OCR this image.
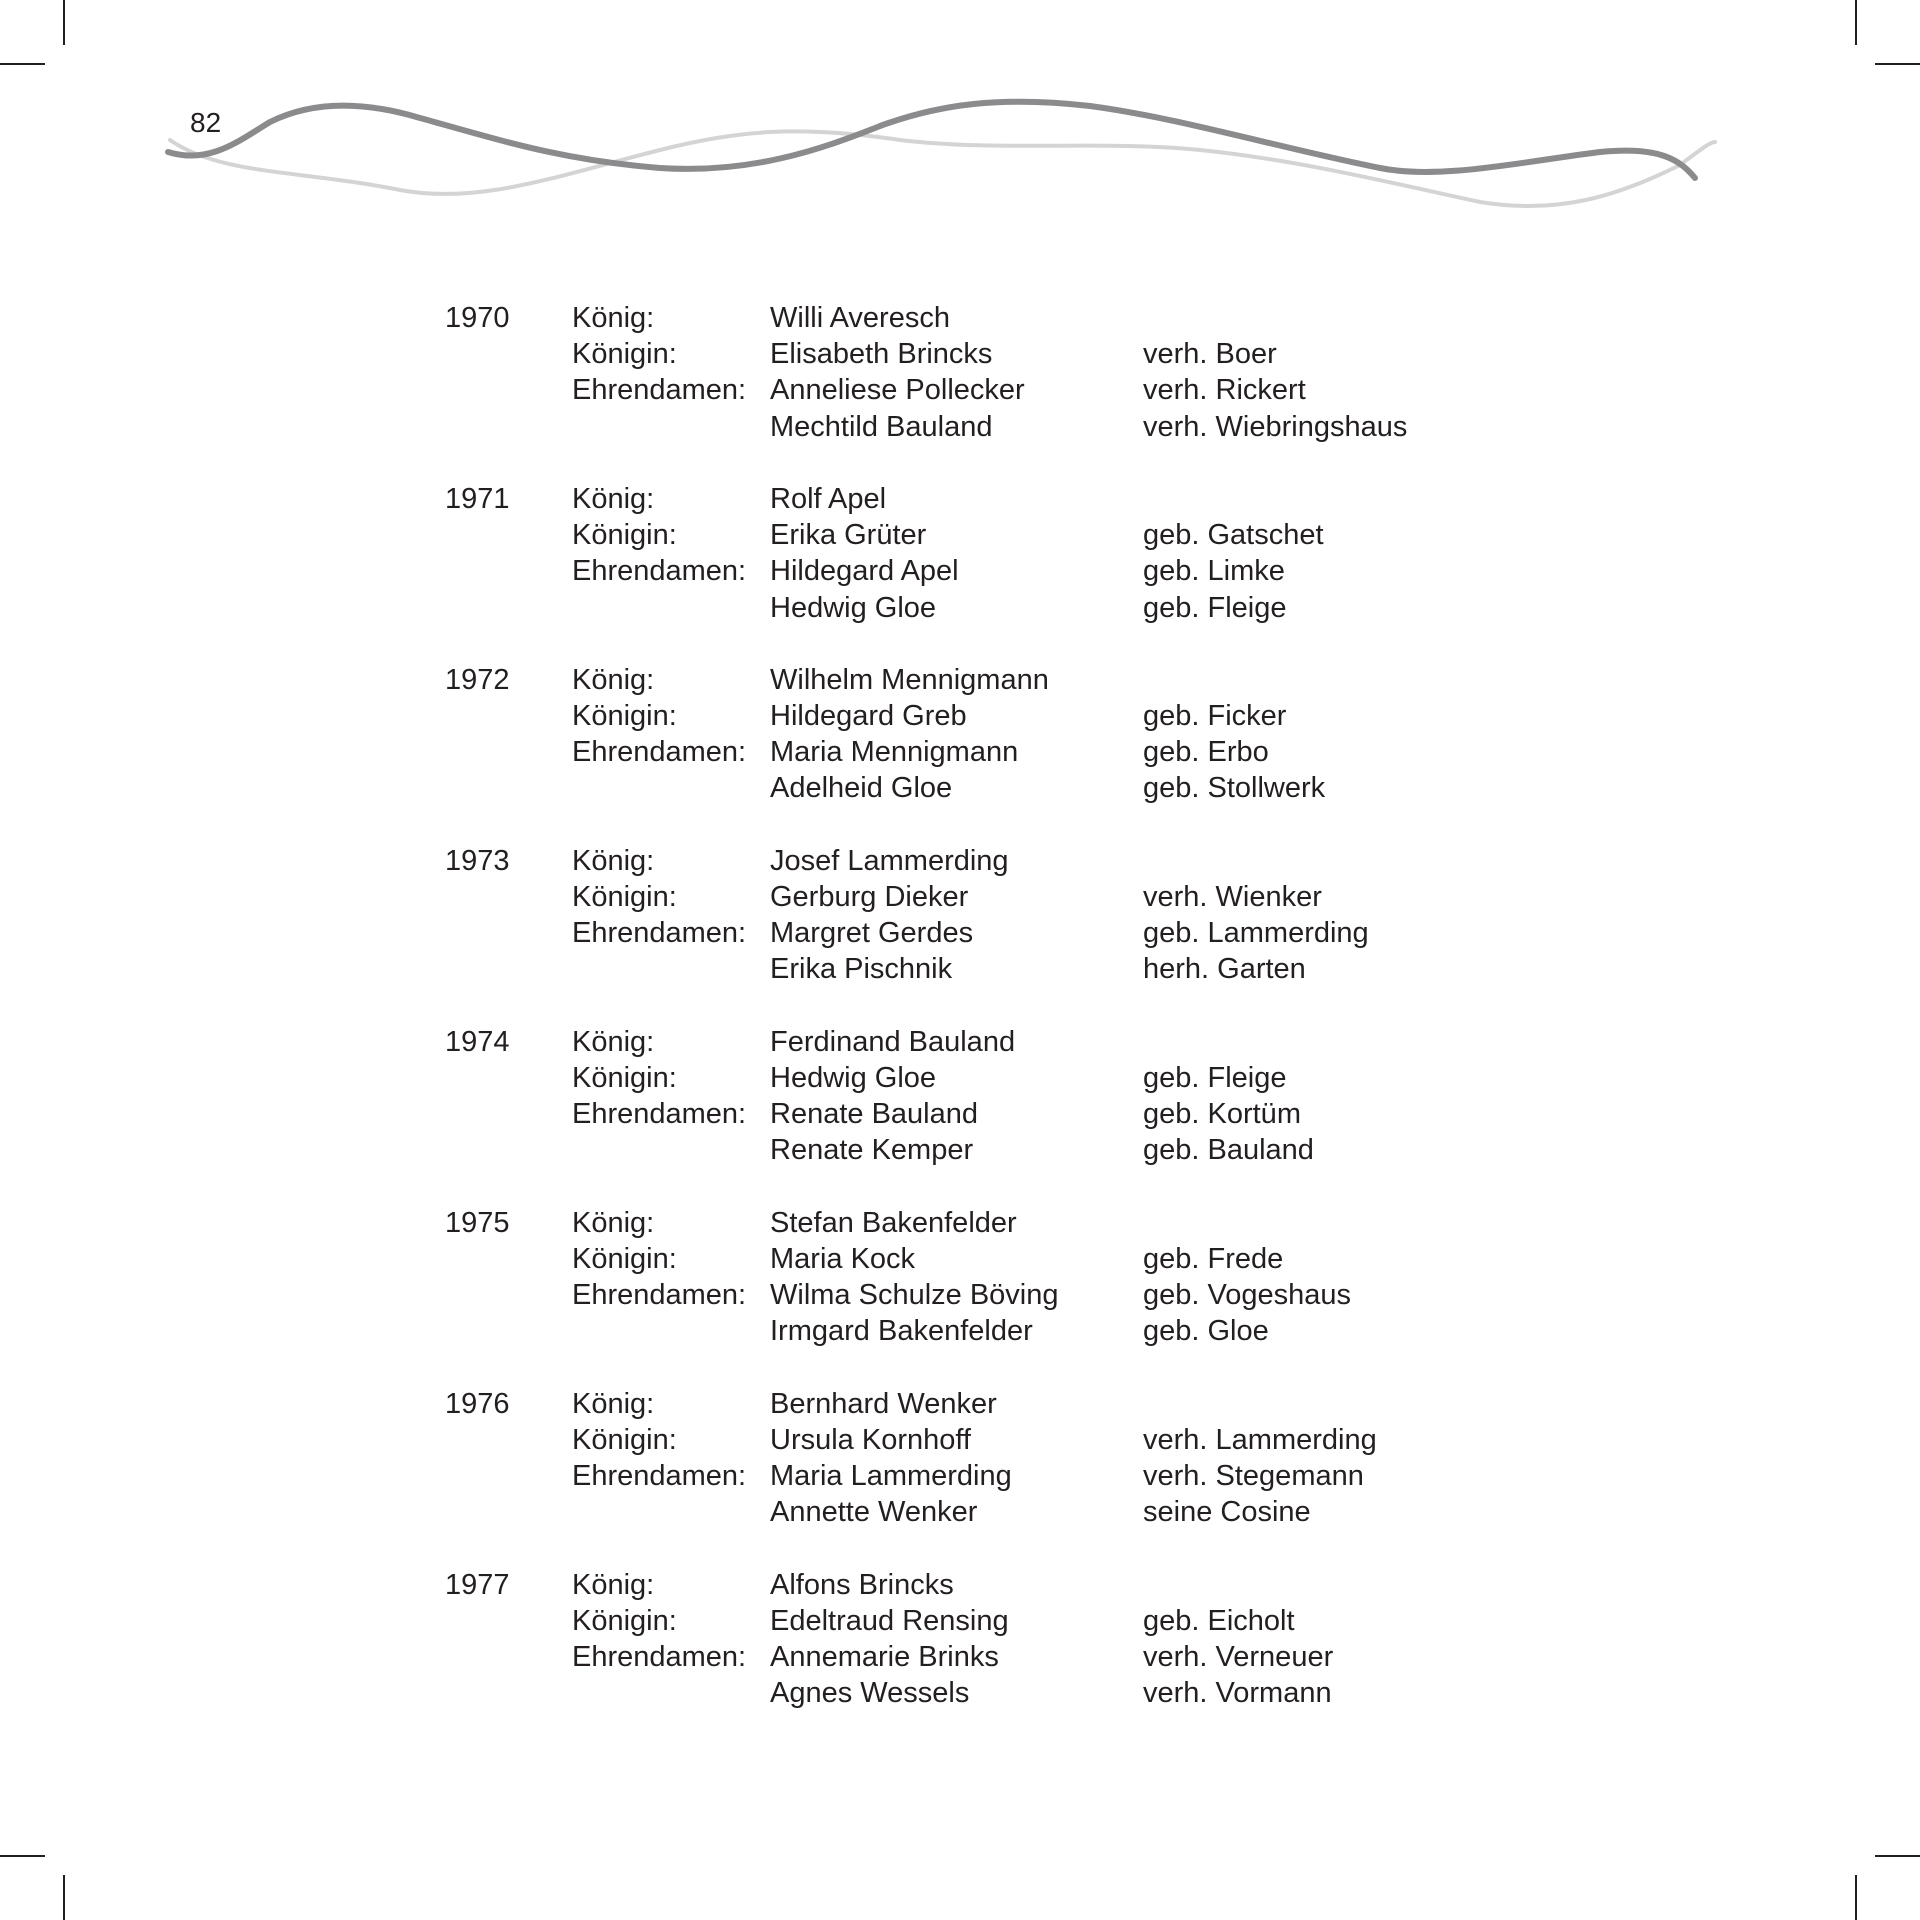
82
1970 König:	Willi Averesch
Königin:	Elisabeth Brincks	verh. Boer
Ehrendamen: Anneliese Pollecker	verh. Rickert
Mechtild Bauland	verh. Wiebringshaus
1971 König:	Rolf Apel
Königin:	Erika Grüter	geb. Gatschet
Ehrendamen: Hildegard Apel	geb. Limke
Hedwig Gloe	geb. Fleige
1972 König:	Wilhelm Mennigmann
Königin:	Hildegard Greb	geb. Ficker
Ehrendamen: Maria Mennigmann	geb. Erbo
Adelheid Gloe	geb. Stollwerk
1973 König:	Josef Lammerding
Königin:	Gerburg Dieker	verh. Wienker
Ehrendamen: Margret Gerdes	geb. Lammerding
Erika Pischnik	herh. Garten
1974 König:	Ferdinand Bauland
Königin:	Hedwig Gloe	geb. Fleige
Ehrendamen: Renate Bauland	geb. Kortüm
Renate Kemper	geb. Bauland
1975 König:	Stefan Bakenfelder
Königin:	Maria Kock	geb. Frede
Ehrendamen: Wilma Schulze Böving	geb. Vogeshaus
Irmgard Bakenfelder	geb. Gloe
1976 König:	Bernhard Wenker
Königin:	Ursula Kornhoff	verh. Lammerding
Ehrendamen: Maria Lammerding	verh. Stegemann
Annette Wenker	seine Cosine
1977 König:	Alfons Brincks
Königin:	Edeltraud Rensing	geb. Eicholt
Ehrendamen: Annemarie Brinks	verh. Verneuer
Agnes Wessels	verh. Vormann
